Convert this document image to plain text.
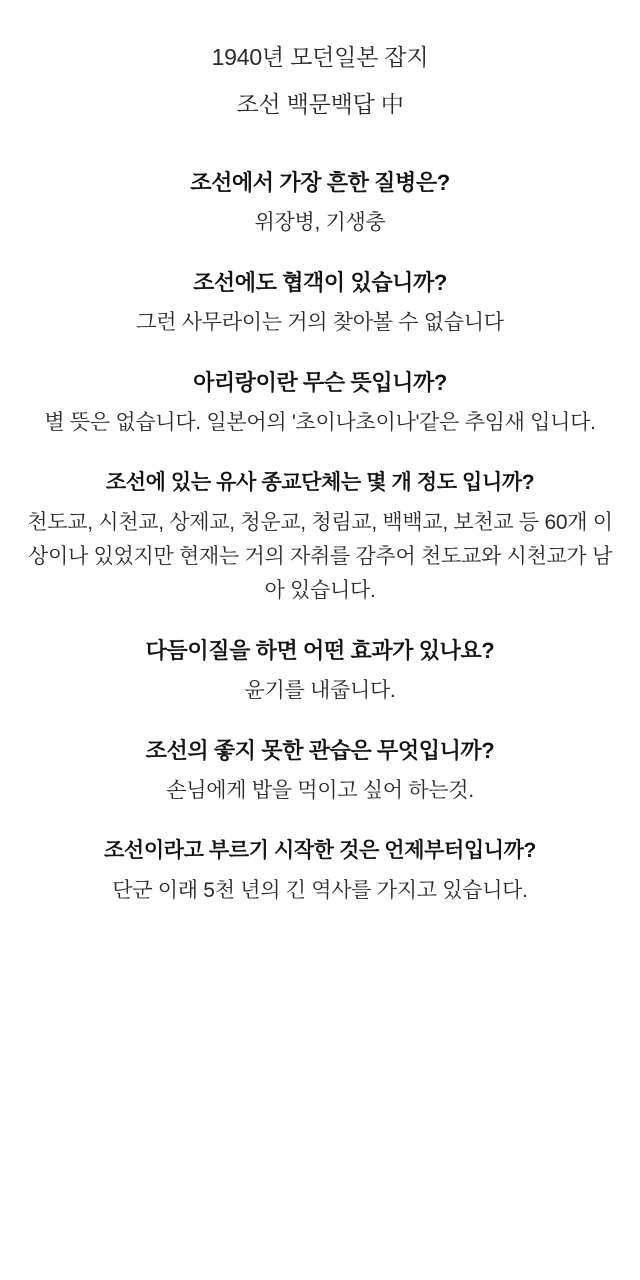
1940년 모던일본 잡지
조선 백문백답 中
조선에서 가장 흔한 질병은?
위장병, 기생충
조선에도 협객이 있습니까?
그런 사무라이는 거의 찾아볼 수 없습니다
아리랑이란 무슨 뜻입니까?
별 뜻은 없습니다. 일본어의 '초이나초이나'같은 추임새 입니다.
조선에 있는 유사 종교단체는 몇 개 정도 입니까?
천도교, 시천교, 상제교, 청운교, 청림교, 백백교, 보천교 등 60개 이상이나 있었지만 현재는 거의 자취를 감추어 천도교와 시천교가 남아 있습니다.
다듬이질을 하면 어떤 효과가 있나요?
윤기를 내줍니다.
조선의 좋지 못한 관습은 무엇입니까?
손님에게 밥을 먹이고 싶어 하는것.
조선이라고 부르기 시작한 것은 언제부터입니까?
단군 이래 5천 년의 긴 역사를 가지고 있습니다.
